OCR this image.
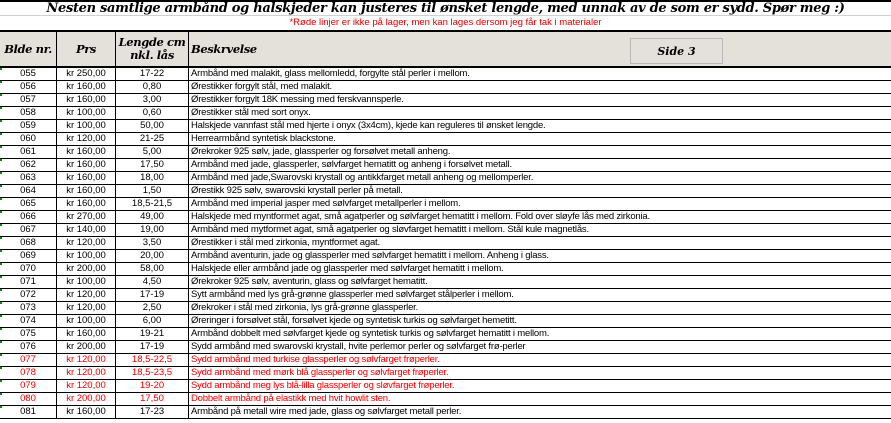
Nesten samtlige armbånd og halskjeder kan justeres til ønsket lengde, med unnak av de som er sydd. Spør meg :)
*Røde linjer er ikke på lager, men kan lages dersom jeg får tak i materialer
Blde nr.	Prs	Lengde cm nkl. lås	Beskrvelse	Side 3
055	kr 250,00	17-22	Armbånd med malakit, glass mellomledd, forgylte stål perler i mellom.
056	kr 160,00	0,80	Ørestikker forgylt stål, med malakit.
057	kr 160,00	3,00	Ørestikker forgylt 18K messing med ferskvannsperle.
058	kr 100,00	0,60	Ørestikker stål med sort onyx.
059	kr 100,00	50,00	Halskjede vannfast stål med hjerte i onyx (3x4cm), kjede kan reguleres til ønsket lengde.
060	kr 120,00	21-25	Herrearmbånd syntetisk blackstone.
061	kr 160,00	5,00	Ørekroker 925 sølv, jade, glassperler og forsølvet metall anheng.
062	kr 160,00	17,50	Armbånd med jade, glassperler, sølvfarget hematitt og anheng i forsølvet metall.
063	kr 160,00	18,00	Armbånd med jade,Swarovski krystall og antikkfarget metall anheng og mellomperler.
064	kr 160,00	1,50	Ørestikk 925 sølv, swarovski krystall perler på metall.
065	kr 160,00	18,5-21,5	Armbånd med imperial jasper med sølvfarget metallperler i mellom.
066	kr 270,00	49,00	Halskjede med myntformet agat, små agatperler og sølvfarget hematitt i mellom. Fold over sløyfe lås med zirkonia.
067	kr 140,00	19,00	Armbånd med mytformet agat, små agatperler og sløvfarget hematitt i mellom. Stål kule magnetlås.
068	kr 120,00	3,50	Ørestikker i stål med zirkonia, myntformet agat.
069	kr 100,00	20,00	Armbånd aventurin, jade og glassperler med sølvfarget hematitt i mellom. Anheng i glass.
070	kr 200,00	58,00	Halskjede eller armbånd jade og glassperler med sølvfarget hematitt i mellom.
071	kr 100,00	4,50	Ørekroker 925 sølv, aventurin, glass og sølvfarget hematitt.
072	kr 120,00	17-19	Sytt armbånd med lys grå-grønne glassperler med sølvfarget stålperler i mellom.
073	kr 120,00	2,50	Ørekroker i stål med zirkonia, lys grå-grønne glassperler.
074	kr 100,00	6,00	Øreringer i forsølvet stål, forsølvet kjede og syntetisk turkis og sølvfarget hemetitt.
075	kr 160,00	19-21	Armbånd dobbelt med sølvfarget kjede og syntetisk turkis og sølvfarget hematitt i mellom.
076	kr 200,00	17-19	Sydd armbånd med swarovski krystall, hvite perlemor perler og sølvfarget frø-perler
077	kr 120,00	18,5-22,5	Sydd armbånd med turkise glassperler og sølvfarget frøperler.
078	kr 120,00	18,5-23,5	Sydd armbånd med mørk blå glassperler og sølvfarget frøperler.
079	kr 120,00	19-20	Sydd armbånd meg lys blå-lilla glassperler og sløvfarget frøperler.
080	kr 200,00	17,50	Dobbelt armbånd på elastikk med hvit howlit sten.
081	kr 160,00	17-23	Armbånd på metall wire med jade, glass og sølvfarget metall perler.
